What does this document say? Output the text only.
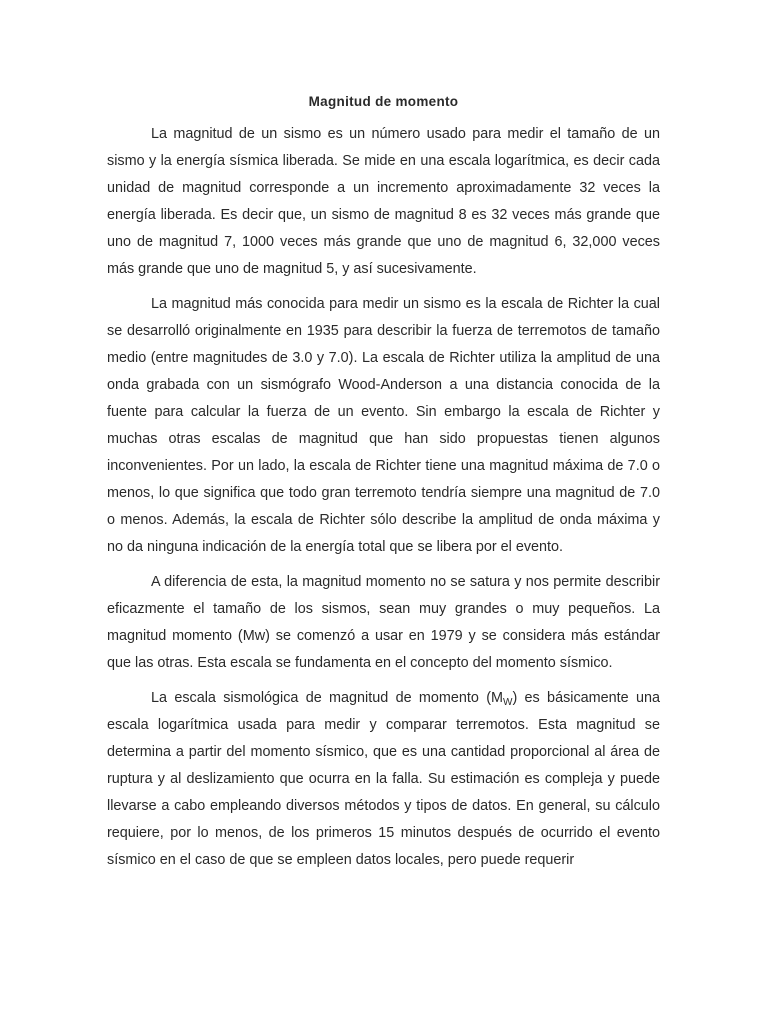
Magnitud de momento

La magnitud de un sismo es un número usado para medir el tamaño de un sismo y la energía sísmica liberada. Se mide en una escala logarítmica, es decir cada unidad de magnitud corresponde a un incremento aproximadamente 32 veces la energía liberada. Es decir que, un sismo de magnitud 8 es 32 veces más grande que uno de magnitud 7, 1000 veces más grande que uno de magnitud 6, 32,000 veces más grande que uno de magnitud 5, y así sucesivamente.

La magnitud más conocida para medir un sismo es la escala de Richter la cual se desarrolló originalmente en 1935 para describir la fuerza de terremotos de tamaño medio (entre magnitudes de 3.0 y 7.0). La escala de Richter utiliza la amplitud de una onda grabada con un sismógrafo Wood-Anderson a una distancia conocida de la fuente para calcular la fuerza de un evento. Sin embargo la escala de Richter y muchas otras escalas de magnitud que han sido propuestas tienen algunos inconvenientes. Por un lado, la escala de Richter tiene una magnitud máxima de 7.0 o menos, lo que significa que todo gran terremoto tendría siempre una magnitud de 7.0 o menos. Además, la escala de Richter sólo describe la amplitud de onda máxima y no da ninguna indicación de la energía total que se libera por el evento.

A diferencia de esta, la magnitud momento no se satura y nos permite describir eficazmente el tamaño de los sismos, sean muy grandes o muy pequeños. La magnitud momento (Mw) se comenzó a usar en 1979 y se considera más estándar que las otras. Esta escala se fundamenta en el concepto del momento sísmico.

La escala sismológica de magnitud de momento $(M_W)$ es básicamente una escala logarítmica usada para medir y comparar terremotos. Esta magnitud se determina a partir del momento sísmico, que es una cantidad proporcional al área de ruptura y al deslizamiento que ocurra en la falla. Su estimación es compleja y puede llevarse a cabo empleando diversos métodos y tipos de datos. En general, su cálculo requiere, por lo menos, de los primeros 15 minutos después de ocurrido el evento sísmico en el caso de que se empleen datos locales, pero puede requerir
